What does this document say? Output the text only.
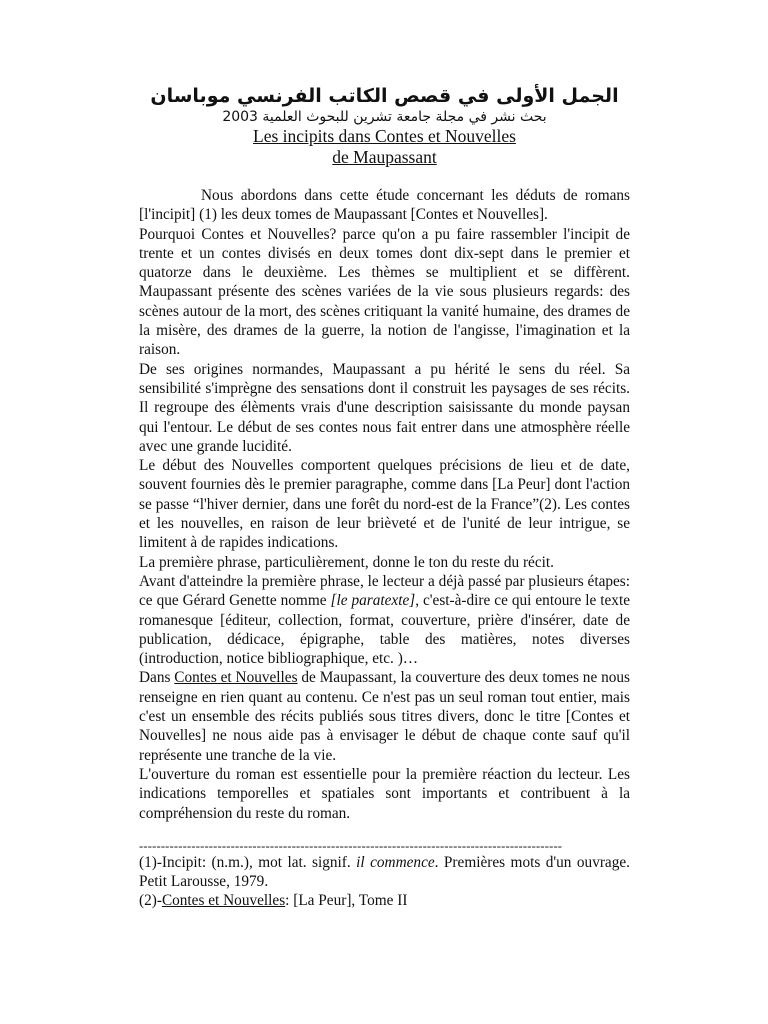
الجمل الأولى في قصص الكاتب الفرنسي موباسان
بحث نشر في مجلة جامعة تشرين للبحوث العلمية 2003

Les incipits dans Contes et Nouvelles

de Maupassant

Nous abordons dans cette étude concernant les déduts de romans [l'incipit] (1) les deux tomes de Maupassant [Contes et Nouvelles].

Pourquoi Contes et Nouvelles? parce qu'on a pu faire rassembler l'incipit de trente et un contes divisés en deux tomes dont dix-sept dans le premier et quatorze dans le deuxième. Les thèmes se multiplient et se diffèrent. Maupassant présente des scènes variées de la vie sous plusieurs regards: des scènes autour de la mort, des scènes critiquant la vanité humaine, des drames de la misère, des drames de la guerre, la notion de l'angisse, l'imagination et la raison.

De ses origines normandes, Maupassant a pu hérité le sens du réel. Sa sensibilité s'imprègne des sensations dont il construit les paysages de ses récits. Il regroupe des élèments vrais d'une description saisissante du monde paysan qui l'entour. Le début de ses contes nous fait entrer dans une atmosphère réelle avec une grande lucidité.

Le début des Nouvelles comportent quelques précisions de lieu et de date, souvent fournies dès le premier paragraphe, comme dans [La Peur] dont l'action se passe “l'hiver dernier, dans une forêt du nord-est de la France”(2). Les contes et les nouvelles, en raison de leur brièveté et de l'unité de leur intrigue, se limitent à de rapides indications.

La première phrase, particulièrement, donne le ton du reste du récit.

Avant d'atteindre la première phrase, le lecteur a déjà passé par plusieurs étapes: ce que Gérard Genette nomme [le paratexte], c'est-à-dire ce qui entoure le texte romanesque [éditeur, collection, format, couverture, prière d'insérer, date de publication, dédicace, épigraphe, table des matières, notes diverses (introduction, notice bibliographique, etc. )…

Dans Contes et Nouvelles de Maupassant, la couverture des deux tomes ne nous renseigne en rien quant au contenu. Ce n'est pas un seul roman tout entier, mais c'est un ensemble des récits publiés sous titres divers, donc le titre [Contes et Nouvelles] ne nous aide pas à envisager le début de chaque conte sauf qu'il représente une tranche de la vie.

L'ouverture du roman est essentielle pour la première réaction du lecteur. Les indications temporelles et spatiales sont importants et contribuent à la compréhension du reste du roman.

-------------------------------------------------------------------------------------------------

(1)-Incipit: (n.m.), mot lat. signif. il commence. Premières mots d'un ouvrage. Petit Larousse, 1979.

(2)-Contes et Nouvelles: [La Peur], Tome II
